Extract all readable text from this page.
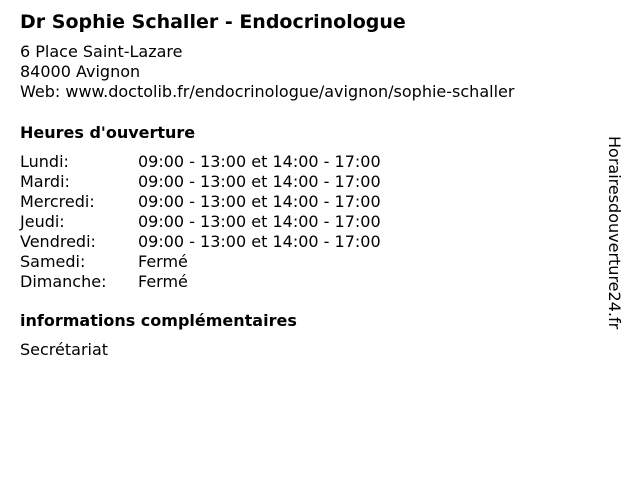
Dr Sophie Schaller - Endocrinologue
6 Place Saint-Lazare
84000 Avignon
Web: www.doctolib.fr/endocrinologue/avignon/sophie-schaller
Heures d'ouverture
Lundi:	09:00 - 13:00 et 14:00 - 17:00
Mardi:	09:00 - 13:00 et 14:00 - 17:00
Mercredi:	09:00 - 13:00 et 14:00 - 17:00
Jeudi:	09:00 - 13:00 et 14:00 - 17:00
Vendredi:	09:00 - 13:00 et 14:00 - 17:00
Samedi:	Fermé
Dimanche:	Fermé
informations complémentaires
Secrétariat
Horairesdouverture24.fr
